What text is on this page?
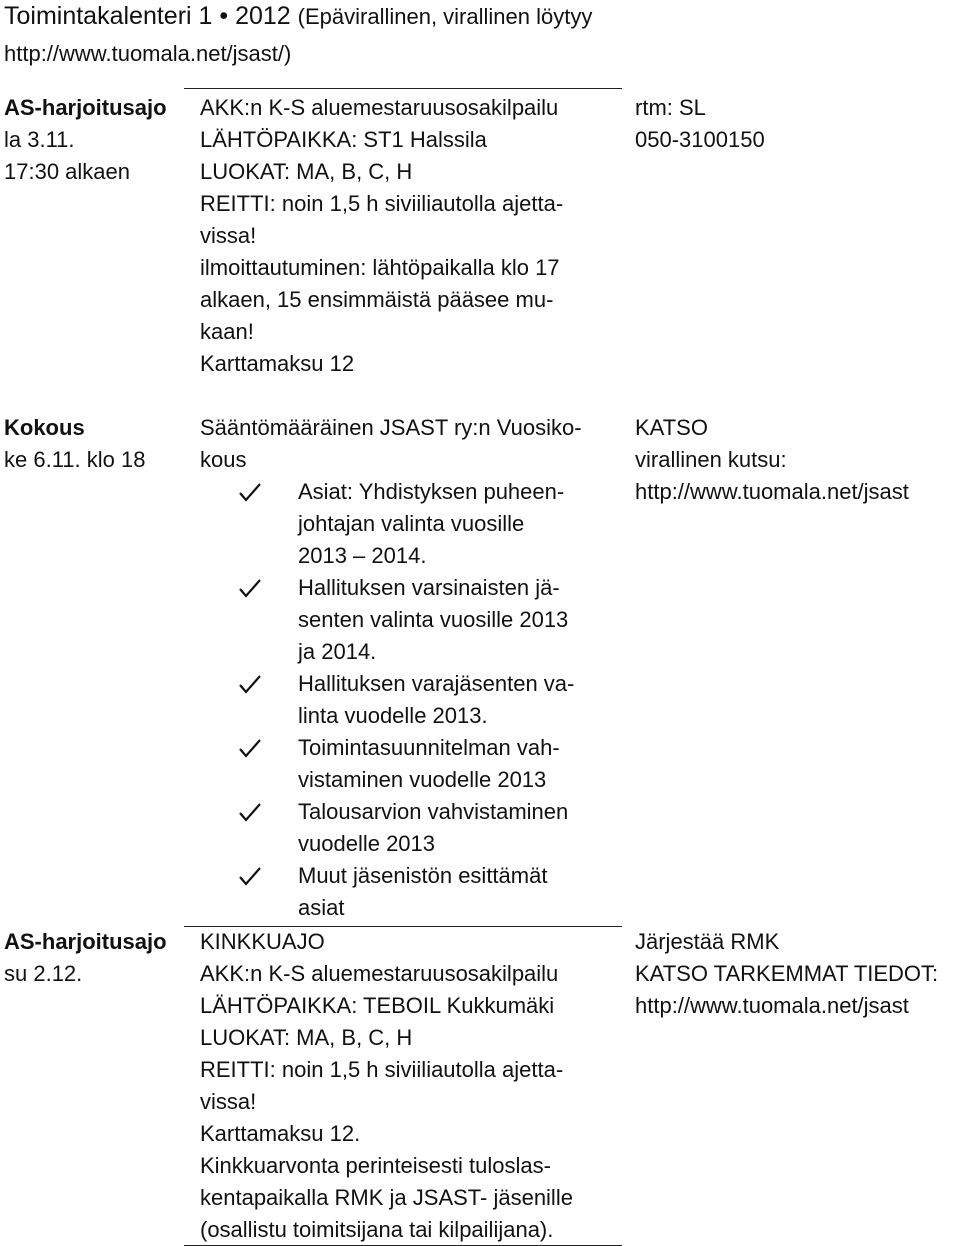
Toimintakalenteri 1 • 2012 (Epävirallinen, virallinen löytyy
http://www.tuomala.net/jsast/)
AS-harjoitusajo
la 3.11.
17:30 alkaen
AKK:n K-S aluemestaruusosakilpailu
LÄHTÖPAIKKA: ST1 Halssila
LUOKAT: MA, B, C, H
REITTI: noin 1,5 h siviiliautolla ajetta-
vissa!
ilmoittautuminen: lähtöpaikalla klo 17
alkaen, 15 ensimmäistä pääsee mu-
kaan!
Karttamaksu 12
rtm: SL
050-3100150
Kokous
ke 6.11. klo 18
Sääntömääräinen JSAST ry:n Vuosiko-
kous
Asiat: Yhdistyksen puheen-
johtajan valinta vuosille
2013 – 2014.
Hallituksen varsinaisten jä-
senten valinta vuosille 2013
ja 2014.
Hallituksen varajäsenten va-
linta vuodelle 2013.
Toimintasuunnitelman vah-
vistaminen vuodelle 2013
Talousarvion vahvistaminen
vuodelle 2013
Muut jäsenistön esittämät
asiat
KATSO
virallinen kutsu:
http://www.tuomala.net/jsast
AS-harjoitusajo
su 2.12.
KINKKUAJO
AKK:n K-S aluemestaruusosakilpailu
LÄHTÖPAIKKA: TEBOIL Kukkumäki
LUOKAT: MA, B, C, H
REITTI: noin 1,5 h siviiliautolla ajetta-
vissa!
Karttamaksu 12.
Kinkkuarvonta perinteisesti tuloslas-
kentapaikalla RMK ja JSAST- jäsenille
(osallistu toimitsijana tai kilpailijana).
Järjestää RMK
KATSO TARKEMMAT TIEDOT:
http://www.tuomala.net/jsast
